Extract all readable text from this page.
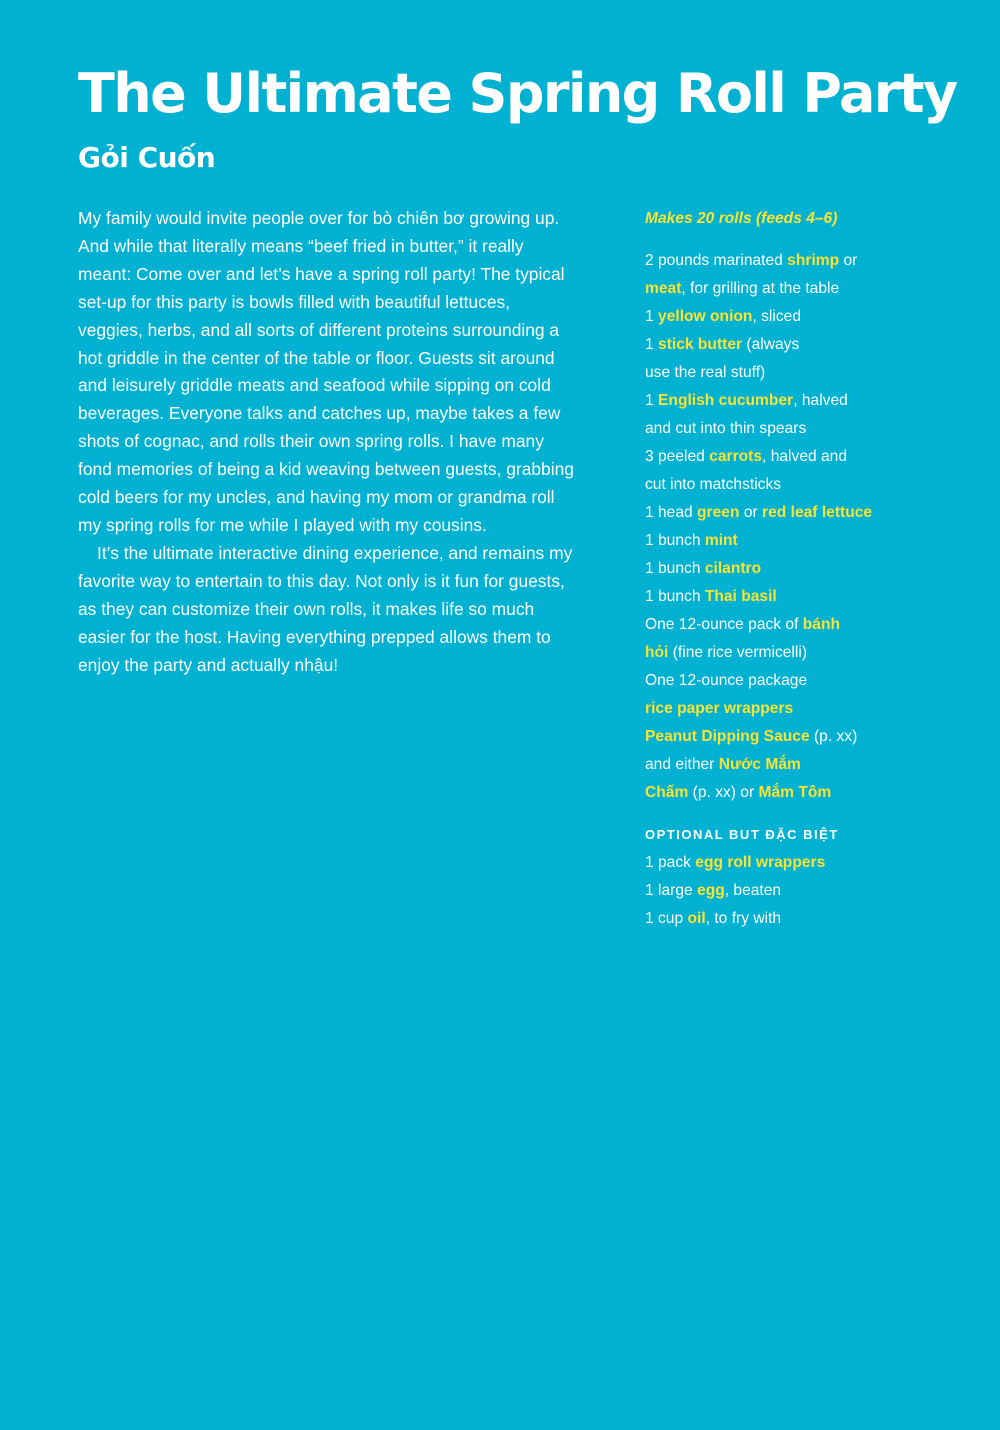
The Ultimate Spring Roll Party
Gỏi Cuốn

My family would invite people over for bò chiên bơ growing up.

And while that literally means “beef fried in butter,” it really

meant: Come over and let’s have a spring roll party! The typical

set-up for this party is bowls filled with beautiful lettuces,

veggies, herbs, and all sorts of different proteins surrounding a

hot griddle in the center of the table or floor. Guests sit around

and leisurely griddle meats and seafood while sipping on cold

beverages. Everyone talks and catches up, maybe takes a few

shots of cognac, and rolls their own spring rolls. I have many

fond memories of being a kid weaving between guests, grabbing

cold beers for my uncles, and having my mom or grandma roll

my spring rolls for me while I played with my cousins.

It’s the ultimate interactive dining experience, and remains my

favorite way to entertain to this day. Not only is it fun for guests,

as they can customize their own rolls, it makes life so much

easier for the host. Having everything prepped allows them to

enjoy the party and actually nhậu!

Makes 20 rolls (feeds 4–6)

2 pounds marinated shrimp or
meat, for grilling at the table
1 yellow onion, sliced
1 stick butter (always
use the real stuff)
1 English cucumber, halved
and cut into thin spears
3 peeled carrots, halved and
cut into matchsticks
1 head green or red leaf lettuce
1 bunch mint
1 bunch cilantro
1 bunch Thai basil
One 12-ounce pack of bánh
hỏi (fine rice vermicelli)
One 12-ounce package
rice paper wrappers
Peanut Dipping Sauce (p. xx)
and either Nước Mắm
Chấm (p. xx) or Mắm Tôm

OPTIONAL BUT ĐẶC BIỆT

1 pack egg roll wrappers
1 large egg, beaten
1 cup oil, to fry with
